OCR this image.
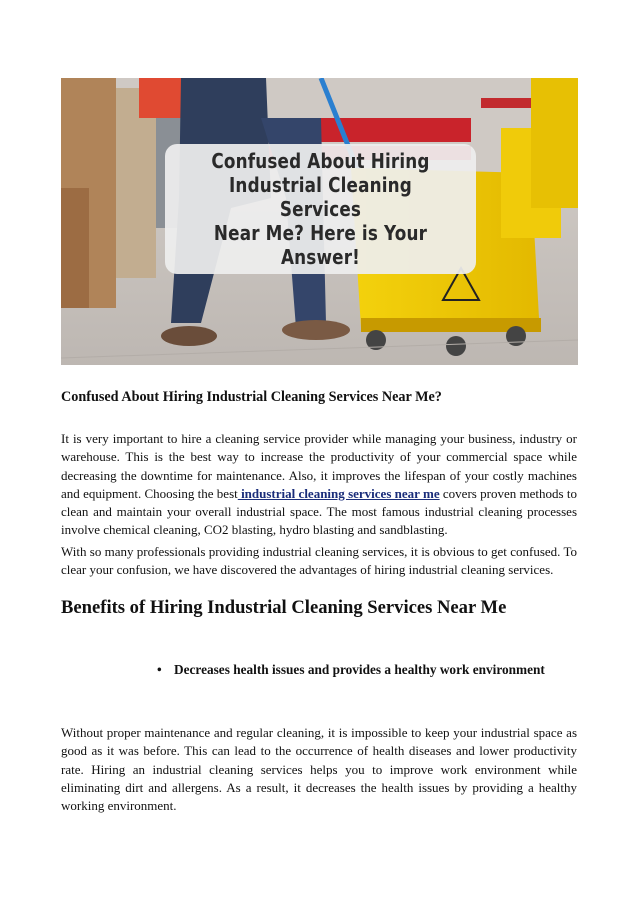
Confused About Hiring
Industrial Cleaning Services
Near Me? Here is Your
Answer!
Confused About Hiring Industrial Cleaning Services Near Me?

It is very important to hire a cleaning service provider while managing your business, industry or warehouse. This is the best way to increase the productivity of your commercial space while decreasing the downtime for maintenance. Also, it improves the lifespan of your costly machines and equipment. Choosing the best industrial cleaning services near me covers proven methods to clean and maintain your overall industrial space. The most famous industrial cleaning processes involve chemical cleaning, CO2 blasting, hydro blasting and sandblasting.

With so many professionals providing industrial cleaning services, it is obvious to get confused. To clear your confusion, we have discovered the advantages of hiring industrial cleaning services.

Benefits of Hiring Industrial Cleaning Services Near Me
• Decreases health issues and provides a healthy work environment

Without proper maintenance and regular cleaning, it is impossible to keep your industrial space as good as it was before. This can lead to the occurrence of health diseases and lower productivity rate. Hiring an industrial cleaning services helps you to improve work environment while eliminating dirt and allergens. As a result, it decreases the health issues by providing a healthy working environment.
